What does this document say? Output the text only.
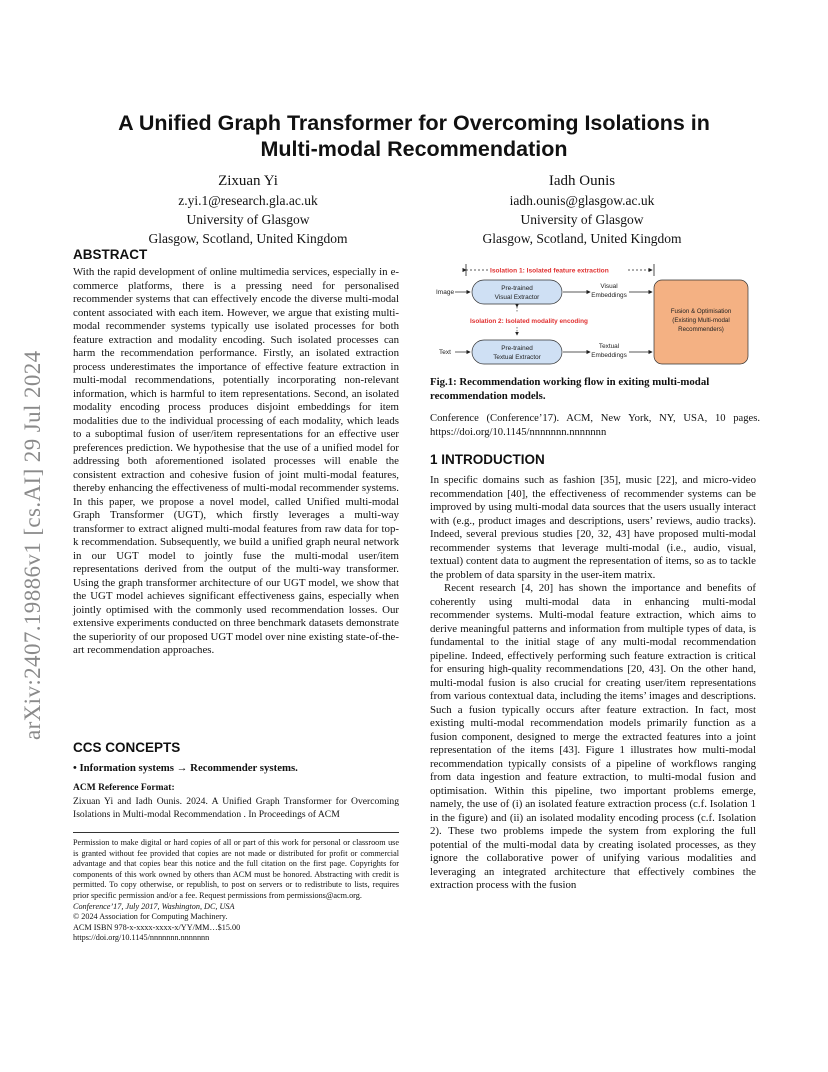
arXiv:2407.19886v1 [cs.AI] 29 Jul 2024
A Unified Graph Transformer for Overcoming Isolations in
Multi-modal Recommendation
Zixuan Yi
z.yi.1@research.gla.ac.uk
University of Glasgow
Glasgow, Scotland, United Kingdom
Iadh Ounis
iadh.ounis@glasgow.ac.uk
University of Glasgow
Glasgow, Scotland, United Kingdom
ABSTRACT

With the rapid development of online multimedia services, especially in e-commerce platforms, there is a pressing need for personalised recommender systems that can effectively encode the diverse multi-modal content associated with each item. However, we argue that existing multi-modal recommender systems typically use isolated processes for both feature extraction and modality encoding. Such isolated processes can harm the recommendation performance. Firstly, an isolated extraction process underestimates the importance of effective feature extraction in multi-modal recommendations, potentially incorporating non-relevant information, which is harmful to item representations. Second, an isolated modality encoding process produces disjoint embeddings for item modalities due to the individual processing of each modality, which leads to a suboptimal fusion of user/item representations for an effective user preferences prediction. We hypothesise that the use of a unified model for addressing both aforementioned isolated processes will enable the consistent extraction and cohesive fusion of joint multi-modal features, thereby enhancing the effectiveness of multi-modal recommender systems. In this paper, we propose a novel model, called Unified multi-modal Graph Transformer (UGT), which firstly leverages a multi-way transformer to extract aligned multi-modal features from raw data for top-k recommendation. Subsequently, we build a unified graph neural network in our UGT model to jointly fuse the multi-modal user/item representations derived from the output of the multi-way transformer. Using the graph transformer architecture of our UGT model, we show that the UGT model achieves significant effectiveness gains, especially when jointly optimised with the commonly used recommendation losses. Our extensive experiments conducted on three benchmark datasets demonstrate the superiority of our proposed UGT model over nine existing state-of-the-art recommendation approaches.

CCS CONCEPTS
• Information systems → Recommender systems.
ACM Reference Format:
Zixuan Yi and Iadh Ounis. 2024. A Unified Graph Transformer for Overcoming Isolations in Multi-modal Recommendation . In Proceedings of ACM
Permission to make digital or hard copies of all or part of this work for personal or classroom use is granted without fee provided that copies are not made or distributed for profit or commercial advantage and that copies bear this notice and the full citation on the first page. Copyrights for components of this work owned by others than ACM must be honored. Abstracting with credit is permitted. To copy otherwise, or republish, to post on servers or to redistribute to lists, requires prior specific permission and/or a fee. Request permissions from permissions@acm.org.
Conference’17, July 2017, Washington, DC, USA
© 2024 Association for Computing Machinery.
ACM ISBN 978-x-xxxx-xxxx-x/YY/MM…$15.00
https://doi.org/10.1145/nnnnnnn.nnnnnnn
Isolation 1: Isolated feature extraction
Image
Pre-trained
Visual Extractor
Visual
Embeddings
Isolation 2: Isolated modality encoding
Text
Pre-trained
Textual Extractor
Textual
Embeddings
Fusion & Optimisation
(Existing Multi-modal
Recommenders)
Fig.1: Recommendation working flow in exiting multi-modal recommendation models.
Conference (Conference’17). ACM, New York, NY, USA, 10 pages. https://doi.org/10.1145/nnnnnnn.nnnnnnn
1 INTRODUCTION

In specific domains such as fashion [35], music [22], and micro-video recommendation [40], the effectiveness of recommender systems can be improved by using multi-modal data sources that the users usually interact with (e.g., product images and descriptions, users’ reviews, audio tracks). Indeed, several previous studies [20, 32, 43] have proposed multi-modal recommender systems that leverage multi-modal (i.e., audio, visual, textual) content data to augment the representation of items, so as to tackle the problem of data sparsity in the user-item matrix.

Recent research [4, 20] has shown the importance and benefits of coherently using multi-modal data in enhancing multi-modal recommender systems. Multi-modal feature extraction, which aims to derive meaningful patterns and information from multiple types of data, is fundamental to the initial stage of any multi-modal recommendation pipeline. Indeed, effectively performing such feature extraction is critical for ensuring high-quality recommendations [20, 43]. On the other hand, multi-modal fusion is also crucial for creating user/item representations from various contextual data, including the items’ images and descriptions. Such a fusion typically occurs after feature extraction. In fact, most existing multi-modal recommendation models primarily function as a fusion component, designed to merge the extracted features into a joint representation of the items [43]. Figure 1 illustrates how multi-modal recommendation typically consists of a pipeline of workflows ranging from data ingestion and feature extraction, to multi-modal fusion and optimisation. Within this pipeline, two important problems emerge, namely, the use of (i) an isolated feature extraction process (c.f. Isolation 1 in the figure) and (ii) an isolated modality encoding process (c.f. Isolation 2). These two problems impede the system from exploring the full potential of the multi-modal data by creating isolated processes, as they ignore the collaborative power of unifying various modalities and leveraging an integrated architecture that effectively combines the extraction process with the fusion
